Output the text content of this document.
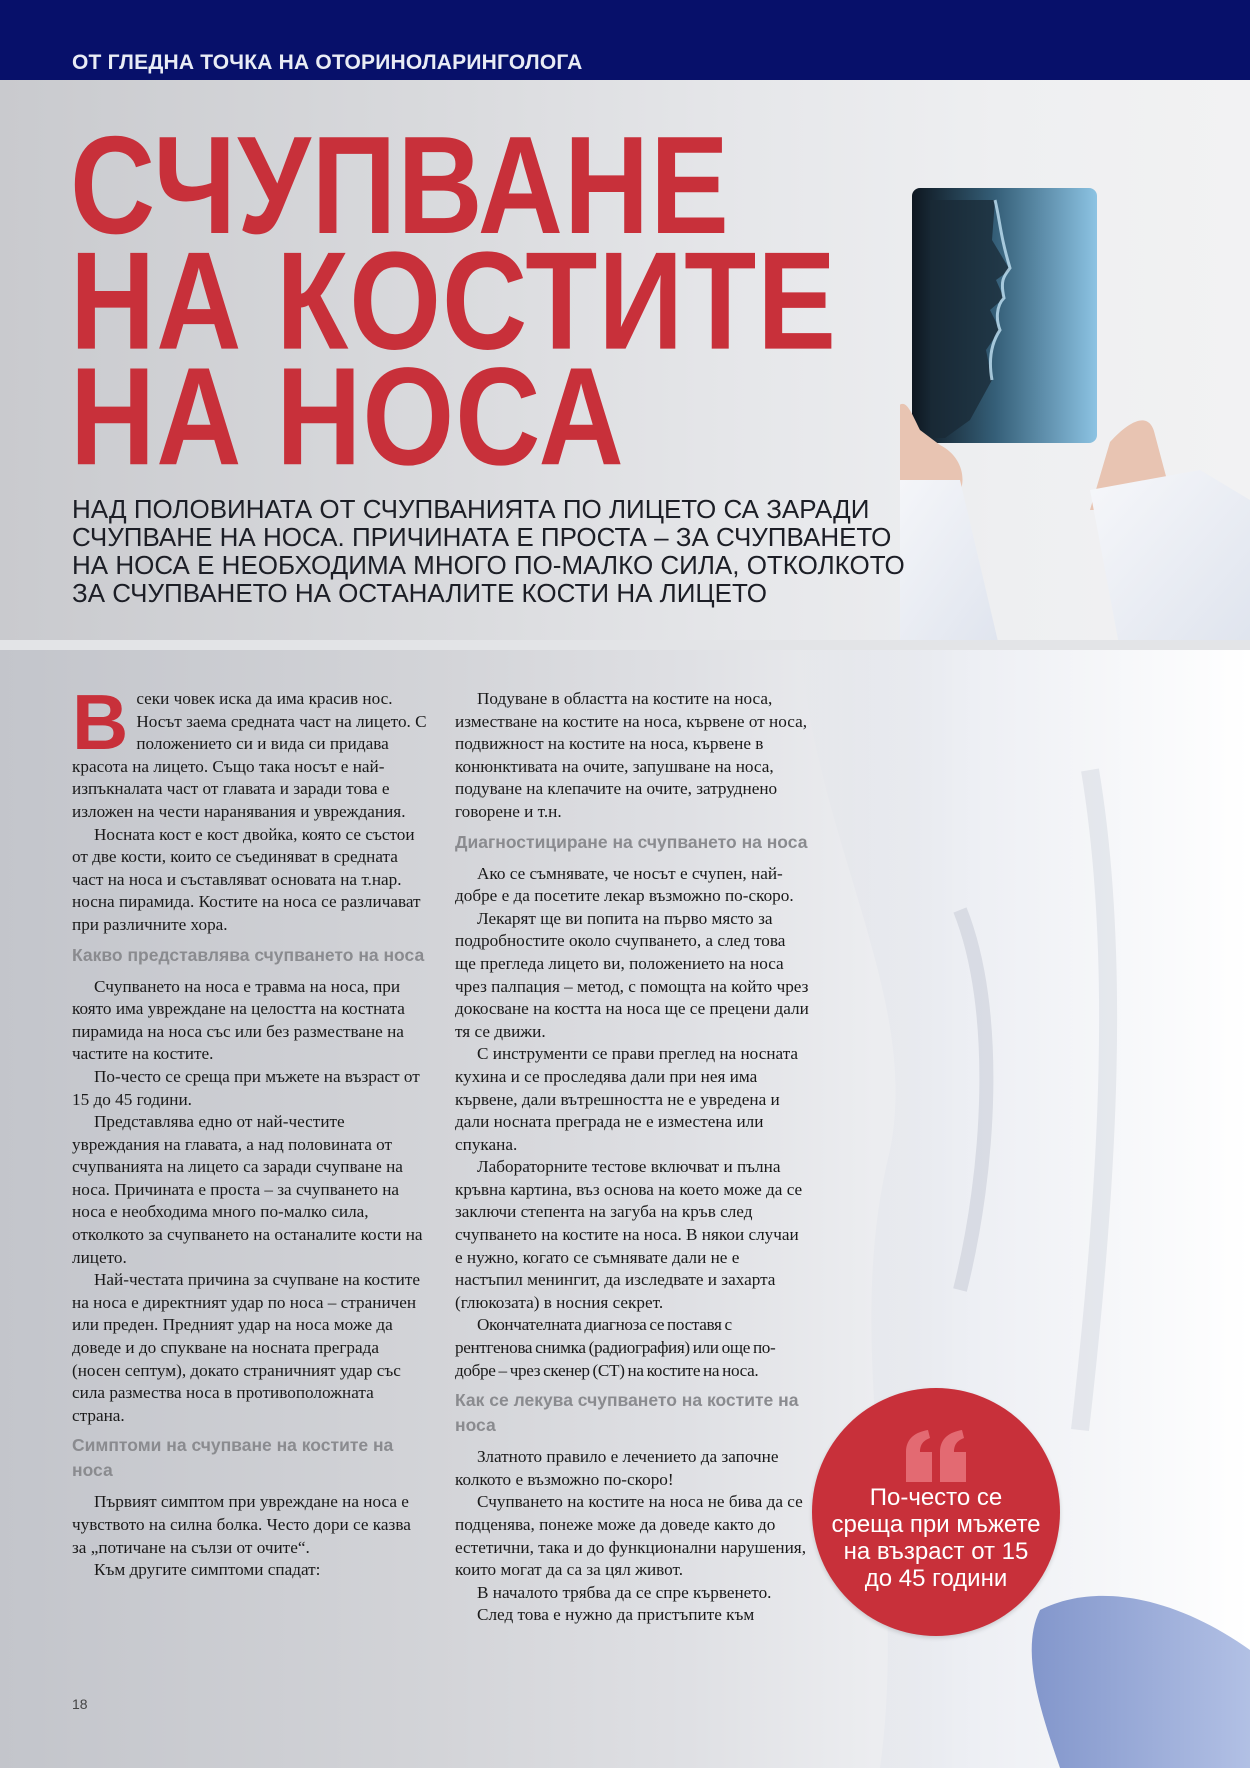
ОТ ГЛЕДНА ТОЧКА НА ОТОРИНОЛАРИНГОЛОГА

СЧУПВАНЕ
НА КОСТИТЕ
НА НОСА

НАД ПОЛОВИНАТА ОТ СЧУПВАНИЯТА ПО ЛИЦЕТО СА ЗАРАДИ
СЧУПВАНЕ НА НОСА. ПРИЧИНАТА Е ПРОСТА – ЗА СЧУПВАНЕТО
НА НОСА Е НЕОБХОДИМА МНОГО ПО-МАЛКО СИЛА, ОТКОЛКОТО
ЗА СЧУПВАНЕТО НА ОСТАНАЛИТЕ КОСТИ НА ЛИЦЕТО

Всеки човек иска да има красив нос. Носът заема средната част на лицето. С положението си и вида си придава красота на лицето. Също така носът е най-изпъкналата част от главата и заради това е изложен на чести наранявания и увреждания.

Носната кост е кост двойка, която се състои от две кости, които се съединяват в средната част на носа и съставляват основата на т.нар. носна пирамида. Костите на носа се различават при различните хора.

Какво представлява счупването на носа

Счупването на носа е травма на носа, при която има увреждане на целостта на костната пирамида на носа със или без разместване на частите на костите.

По-често се среща при мъжете на възраст от 15 до 45 години.

Представлява едно от най-честите увреждания на главата, а над половината от счупванията на лицето са заради счупване на носа. Причината е проста – за счупването на носа е необходима много по-малко сила, отколкото за счупването на останалите кости на лицето.

Най-честата причина за счупване на костите на носа е директният удар по носа – страничен или преден. Предният удар на носа може да доведе и до спукване на носната преграда (носен септум), докато страничният удар със сила размества носа в противоположната страна.

Симптоми на счупване на костите на носа

Първият симптом при увреждане на носа е чувството на силна болка. Често дори се казва за „потичане на сълзи от очите“.

Към другите симптоми спадат:

Подуване в областта на костите на носа, изместване на костите на носа, кървене от носа, подвижност на костите на носа, кървене в конюнктивата на очите, запушване на носа, подуване на клепачите на очите, затруднено говорене и т.н.

Диагностициране на счупването на носа

Ако се съмнявате, че носът е счупен, най-добре е да посетите лекар възможно по-скоро.

Лекарят ще ви попита на първо място за подробностите около счупването, а след това ще прегледа лицето ви, положението на носа чрез палпация – метод, с помощта на който чрез докосване на костта на носа ще се прецени дали тя се движи.

С инструменти се прави преглед на носната кухина и се проследява дали при нея има кървене, дали вътрешността не е увредена и дали носната преграда не е изместена или спукана.

Лабораторните тестове включват и пълна кръвна картина, въз основа на което може да се заключи степента на загуба на кръв след счупването на костите на носа. В някои случаи е нужно, когато се съмнявате дали не е настъпил менингит, да изследвате и захарта (глюкозата) в носния секрет.

Окончателната диагноза се поставя с рентгенова снимка (радиография) или още по-добре – чрез скенер (CT) на костите на носа.

Как се лекува счупването на костите на носа

Златното правило е лечението да започне колкото е възможно по-скоро!

Счупването на костите на носа не бива да се подценява, понеже може да доведе както до естетични, така и до функционални нарушения, които могат да са за цял живот.

В началото трябва да се спре кървенето.

След това е нужно да пристъпите към

По-често се
среща при мъжете
на възраст от 15
до 45 години

18
